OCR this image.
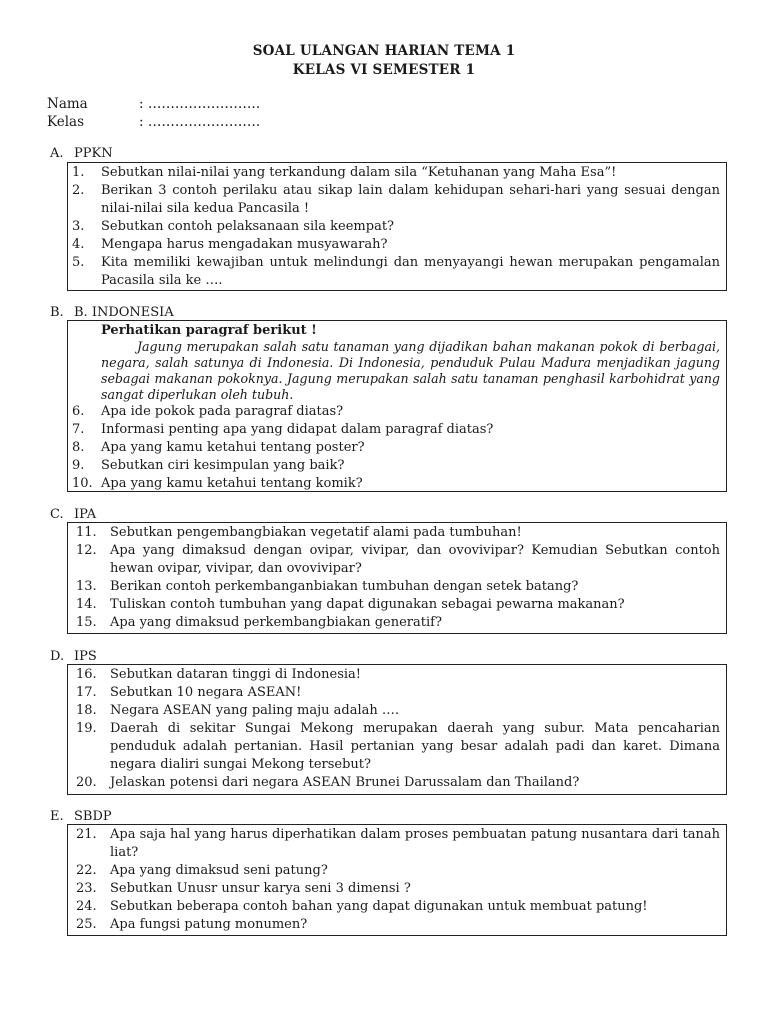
SOAL ULANGAN HARIAN TEMA 1
KELAS VI SEMESTER 1
Nama	: …………………….
Kelas	: …………………….
A. PPKN
1. Sebutkan nilai-nilai yang terkandung dalam sila “Ketuhanan yang Maha Esa”!
2. Berikan 3 contoh perilaku atau sikap lain dalam kehidupan sehari-hari yang sesuai dengan nilai-nilai sila kedua Pancasila !
3. Sebutkan contoh pelaksanaan sila keempat?
4. Mengapa harus mengadakan musyawarah?
5. Kita memiliki kewajiban untuk melindungi dan menyayangi hewan merupakan pengamalan Pacasila sila ke ….
B. B. INDONESIA
Perhatikan paragraf berikut !
Jagung merupakan salah satu tanaman yang dijadikan bahan makanan pokok di berbagai, negara, salah satunya di Indonesia. Di Indonesia, penduduk Pulau Madura menjadikan jagung sebagai makanan pokoknya. Jagung merupakan salah satu tanaman penghasil karbohidrat yang sangat diperlukan oleh tubuh.
6. Apa ide pokok pada paragraf diatas?
7. Informasi penting apa yang didapat dalam paragraf diatas?
8. Apa yang kamu ketahui tentang poster?
9. Sebutkan ciri kesimpulan yang baik?
10. Apa yang kamu ketahui tentang komik?
C. IPA
11. Sebutkan pengembangbiakan vegetatif alami pada tumbuhan!
12. Apa yang dimaksud dengan ovipar, vivipar, dan ovovivipar? Kemudian Sebutkan contoh hewan ovipar, vivipar, dan ovovivipar?
13. Berikan contoh perkembanganbiakan tumbuhan dengan setek batang?
14. Tuliskan contoh tumbuhan yang dapat digunakan sebagai pewarna makanan?
15. Apa yang dimaksud perkembangbiakan generatif?
D. IPS
16. Sebutkan dataran tinggi di Indonesia!
17. Sebutkan 10 negara ASEAN!
18. Negara ASEAN yang paling maju adalah ….
19. Daerah di sekitar Sungai Mekong merupakan daerah yang subur. Mata pencaharian penduduk adalah pertanian. Hasil pertanian yang besar adalah padi dan karet. Dimana negara dialiri sungai Mekong tersebut?
20. Jelaskan potensi dari negara ASEAN Brunei Darussalam dan Thailand?
E. SBDP
21. Apa saja hal yang harus diperhatikan dalam proses pembuatan patung nusantara dari tanah liat?
22. Apa yang dimaksud seni patung?
23. Sebutkan Unusr unsur karya seni 3 dimensi ?
24. Sebutkan beberapa contoh bahan yang dapat digunakan untuk membuat patung!
25. Apa fungsi patung monumen?
